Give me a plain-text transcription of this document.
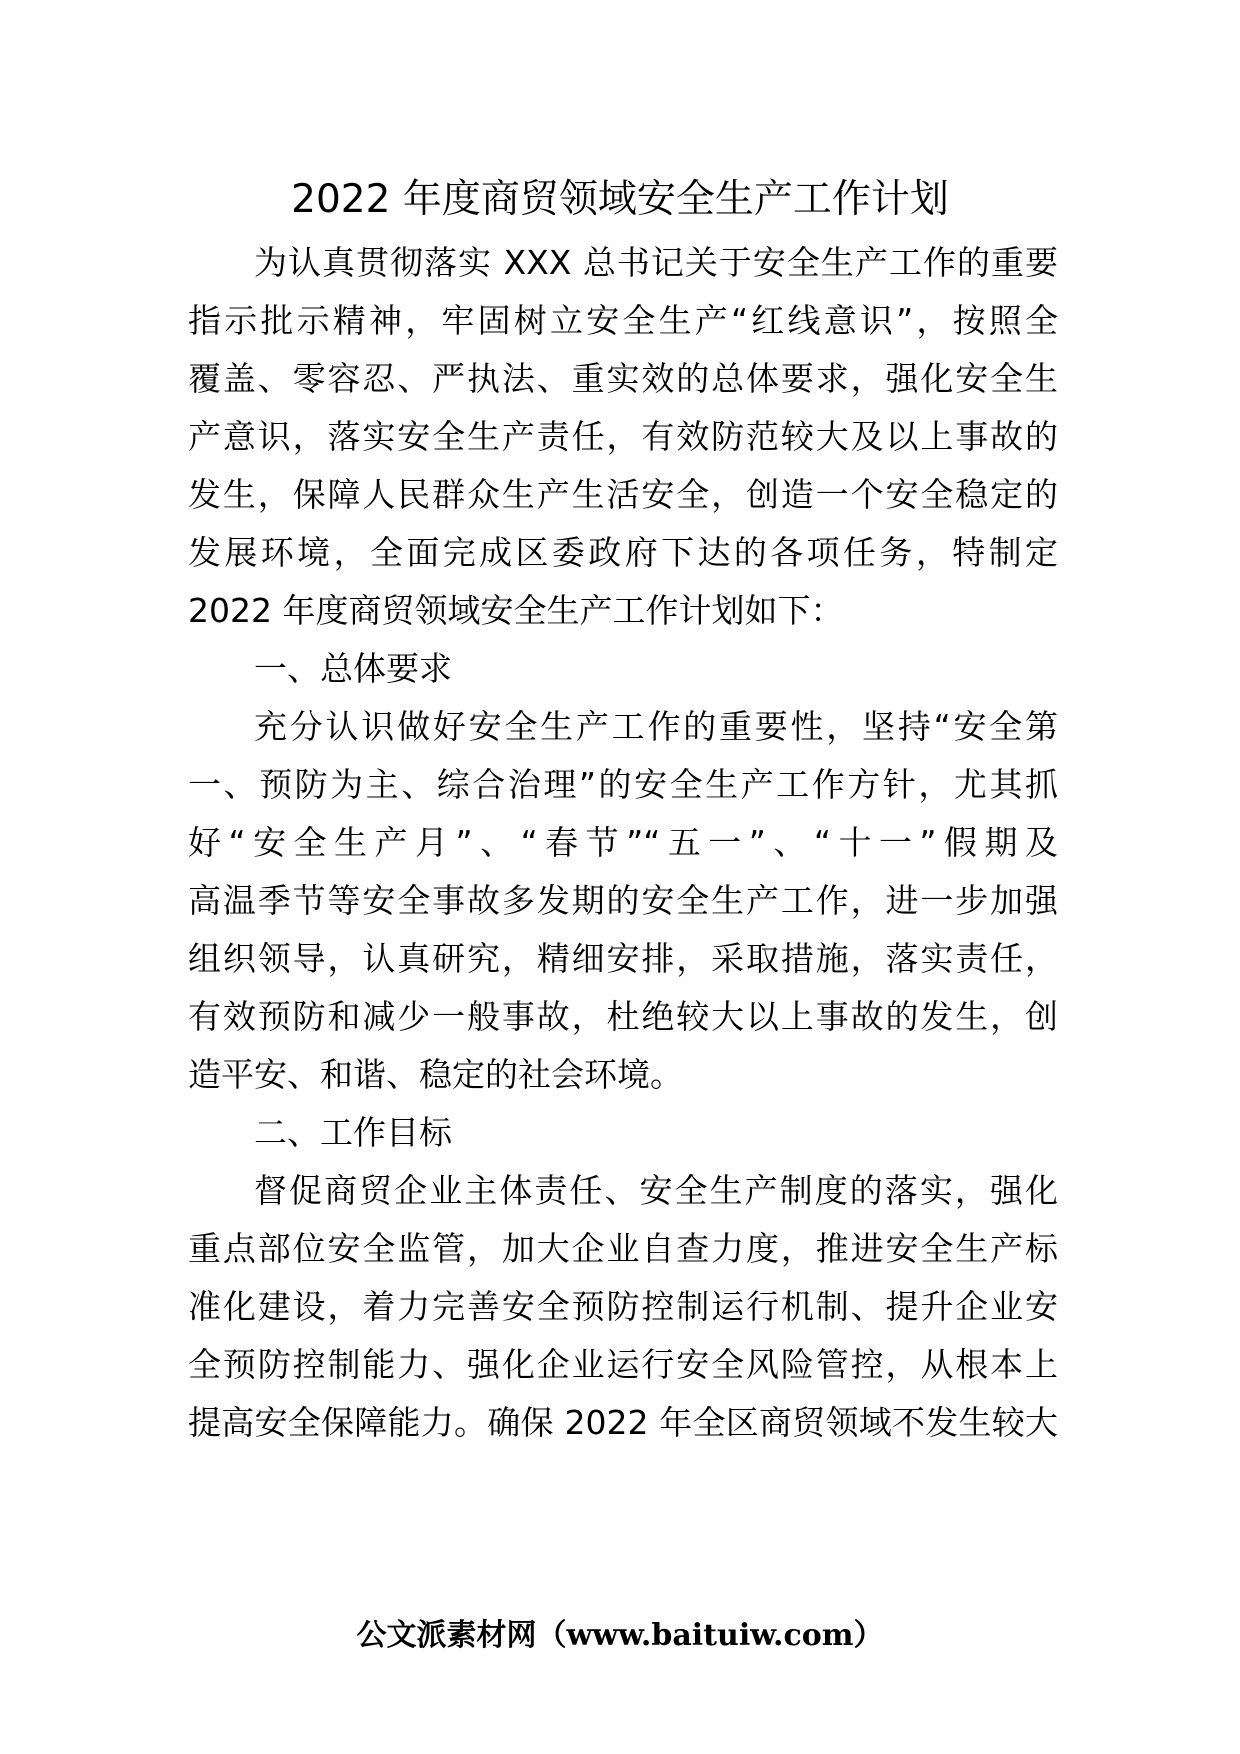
2022 年度商贸领域安全生产工作计划
为认真贯彻落实 XXX 总书记关于安全生产工作的重要
指示批示精神，牢固树立安全生产“红线意识”，按照全
覆盖、零容忍、严执法、重实效的总体要求，强化安全生
产意识，落实安全生产责任，有效防范较大及以上事故的
发生，保障人民群众生产生活安全，创造一个安全稳定的
发展环境，全面完成区委政府下达的各项任务，特制定
2022 年度商贸领域安全生产工作计划如下：
一、总体要求
充分认识做好安全生产工作的重要性，坚持“安全第
一、预防为主、综合治理”的安全生产工作方针，尤其抓
好“安全生产月”、“春节”“五一”、“十一”假期及
高温季节等安全事故多发期的安全生产工作，进一步加强
组织领导，认真研究，精细安排，采取措施，落实责任，
有效预防和减少一般事故，杜绝较大以上事故的发生，创
造平安、和谐、稳定的社会环境。
二、工作目标
督促商贸企业主体责任、安全生产制度的落实，强化
重点部位安全监管，加大企业自查力度，推进安全生产标
准化建设，着力完善安全预防控制运行机制、提升企业安
全预防控制能力、强化企业运行安全风险管控，从根本上
提高安全保障能力。确保 2022 年全区商贸领域不发生较大
公文派素材网（www.baituiw.com）
